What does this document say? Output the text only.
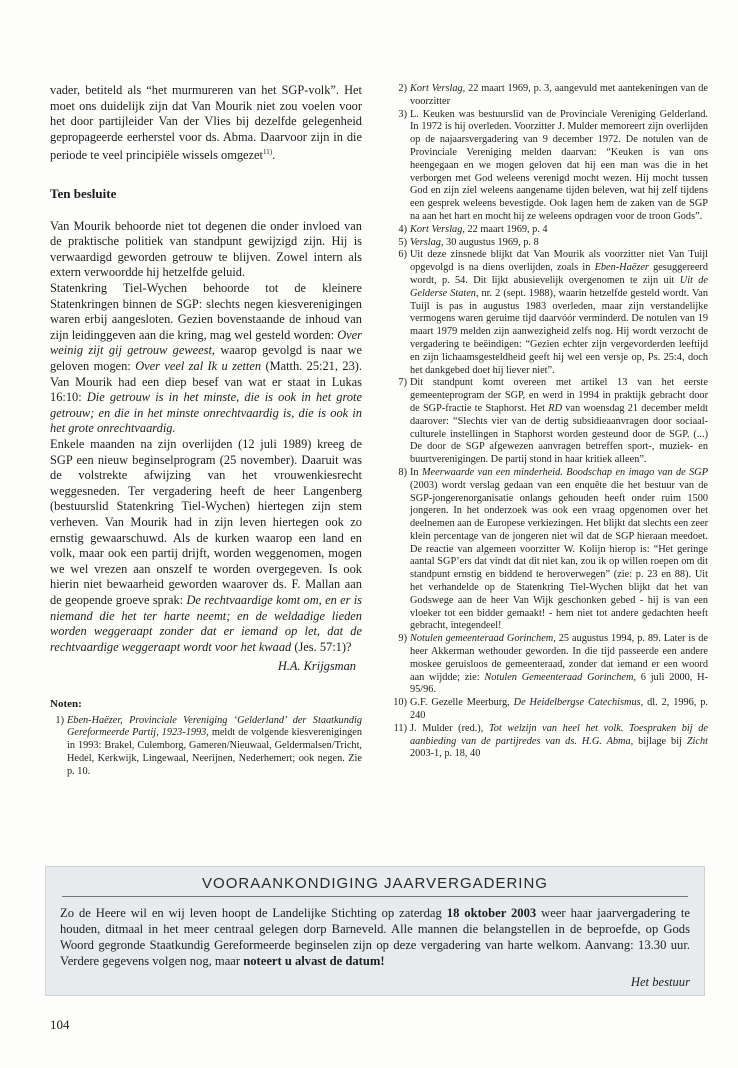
vader, betiteld als “het murmureren van het SGP-volk”. Het moet ons duidelijk zijn dat Van Mourik niet zou voelen voor het door partijleider Van der Vlies bij dezelfde gelegenheid gepropageerde eerherstel voor ds. Abma. Daarvoor zijn in die periode te veel principiële wissels omgezet$^{11)}$.

Ten besluite

Van Mourik behoorde niet tot degenen die onder invloed van de praktische politiek van standpunt gewijzigd zijn. Hij is verwaardigd geworden getrouw te blijven. Zowel intern als extern verwoordde hij hetzelfde geluid.

Statenkring Tiel-Wychen behoorde tot de kleinere Statenkringen binnen de SGP: slechts negen kiesverenigingen waren erbij aangesloten. Gezien bovenstaande de inhoud van zijn leidinggeven aan die kring, mag wel gesteld worden: Over weinig zijt gij getrouw geweest, waarop gevolgd is naar we geloven mogen: Over veel zal Ik u zetten (Matth. 25:21, 23). Van Mourik had een diep besef van wat er staat in Lukas 16:10: Die getrouw is in het minste, die is ook in het grote getrouw; en die in het minste onrechtvaardig is, die is ook in het grote onrechtvaardig.

Enkele maanden na zijn overlijden (12 juli 1989) kreeg de SGP een nieuw beginselprogram (25 november). Daaruit was de volstrekte afwijzing van het vrouwenkiesrecht weggesneden. Ter vergadering heeft de heer Langenberg (bestuurslid Statenkring Tiel-Wychen) hiertegen zijn stem verheven. Van Mourik had in zijn leven hiertegen ook zo ernstig gewaarschuwd. Als de kurken waarop een land en volk, maar ook een partij drijft, worden weggenomen, mogen we wel vrezen aan onszelf te worden overgegeven. Is ook hierin niet bewaarheid geworden waarover ds. F. Mallan aan de geopende groeve sprak: De rechtvaardige komt om, en er is niemand die het ter harte neemt; en de weldadige lieden worden weggeraapt zonder dat er iemand op let, dat de rechtvaardige weggeraapt wordt voor het kwaad (Jes. 57:1)?

H.A. Krijgsman
Noten:
1) Eben-Haëzer, Provinciale Vereniging ‘Gelderland’ der Staatkundig Gereformeerde Partij, 1923-1993, meldt de volgende kiesverenigingen in 1993: Brakel, Culemborg, Gameren/Nieuwaal, Geldermalsen/Tricht, Hedel, Kerkwijk, Lingewaal, Neerijnen, Nederhemert; ook negen. Zie p. 10.
2) Kort Verslag, 22 maart 1969, p. 3, aangevuld met aantekeningen van de voorzitter
3) L. Keuken was bestuurslid van de Provinciale Vereniging Gelderland. In 1972 is hij overleden. Voorzitter J. Mulder memoreert zijn overlijden op de najaarsvergadering van 9 december 1972. De notulen van de Provinciale Vereniging melden daarvan: “Keuken is van ons heengegaan en we mogen geloven dat hij een man was die in het verborgen met God weleens verenigd mocht wezen. Hij mocht tussen God en zijn ziel weleens aangename tijden beleven, wat hij zelf tijdens een gesprek weleens bevestigde. Ook lagen hem de zaken van de SGP na aan het hart en mocht hij ze weleens opdragen voor de troon Gods”.
4) Kort Verslag, 22 maart 1969, p. 4
5) Verslag, 30 augustus 1969, p. 8
6) Uit deze zinsnede blijkt dat Van Mourik als voorzitter niet Van Tuijl opgevolgd is na diens overlijden, zoals in Eben-Haëzer gesuggereerd wordt, p. 54. Dit lijkt abusievelijk overgenomen te zijn uit Uit de Gelderse Staten, nr. 2 (sept. 1988), waarin hetzelfde gesteld wordt. Van Tuijl is pas in augustus 1983 overleden, maar zijn verstandelijke vermogens waren geruime tijd daarvóór verminderd. De notulen van 19 maart 1979 melden zijn aanwezigheid zelfs nog. Hij wordt verzocht de vergadering te beëindigen: “Gezien echter zijn vergevorderden leeftijd en zijn lichaamsgesteldheid geeft hij wel een versje op, Ps. 25:4, doch het dankgebed doet hij liever niet”.
7) Dit standpunt komt overeen met artikel 13 van het eerste gemeenteprogram der SGP, en werd in 1994 in praktijk gebracht door de SGP-fractie te Staphorst. Het RD van woensdag 21 december meldt daarover: “Slechts vier van de dertig subsidieaanvragen door sociaal-culturele instellingen in Staphorst worden gesteund door de SGP. (...) De door de SGP afgewezen aanvragen betreffen sport-, muziek- en buurtverenigingen. De partij stond in haar kritiek alleen”.
8) In Meerwaarde van een minderheid. Boodschap en imago van de SGP (2003) wordt verslag gedaan van een enquête die het bestuur van de SGP-jongerenorganisatie onlangs gehouden heeft onder ruim 1500 jongeren. In het onderzoek was ook een vraag opgenomen over het deelnemen aan de Europese verkiezingen. Het blijkt dat slechts een zeer klein percentage van de jongeren niet wil dat de SGP hieraan meedoet. De reactie van algemeen voorzitter W. Kolijn hierop is: “Het geringe aantal SGP’ers dat vindt dat dit niet kan, zou ik op willen roepen om dit standpunt ernstig en biddend te heroverwegen” (zie: p. 23 en 88). Uit het verhandelde op de Statenkring Tiel-Wychen blijkt dat het van Godswege aan de heer Van Wijk geschonken gebed - hij is van een vloeker tot een bidder gemaakt! - hem niet tot andere gedachten heeft gebracht, integendeel!
9) Notulen gemeenteraad Gorinchem, 25 augustus 1994, p. 89. Later is de heer Akkerman wethouder geworden. In die tijd passeerde een andere moskee geruisloos de gemeenteraad, zonder dat iemand er een woord aan wijdde; zie: Notulen Gemeenteraad Gorinchem, 6 juli 2000, H-95/96.
10) G.F. Gezelle Meerburg, De Heidelbergse Catechismus, dl. 2, 1996, p. 240
11) J. Mulder (red.), Tot welzijn van heel het volk. Toespraken bij de aanbieding van de partijredes van ds. H.G. Abma, bijlage bij Zicht 2003-1, p. 18, 40
VOORAANKONDIGING JAARVERGADERING
Zo de Heere wil en wij leven hoopt de Landelijke Stichting op zaterdag 18 oktober 2003 weer haar jaarvergadering te houden, ditmaal in het meer centraal gelegen dorp Barneveld. Alle mannen die belangstellen in de beproefde, op Gods Woord gegronde Staatkundig Gereformeerde beginselen zijn op deze vergadering van harte welkom. Aanvang: 13.30 uur. Verdere gegevens volgen nog, maar noteert u alvast de datum!
Het bestuur
104
